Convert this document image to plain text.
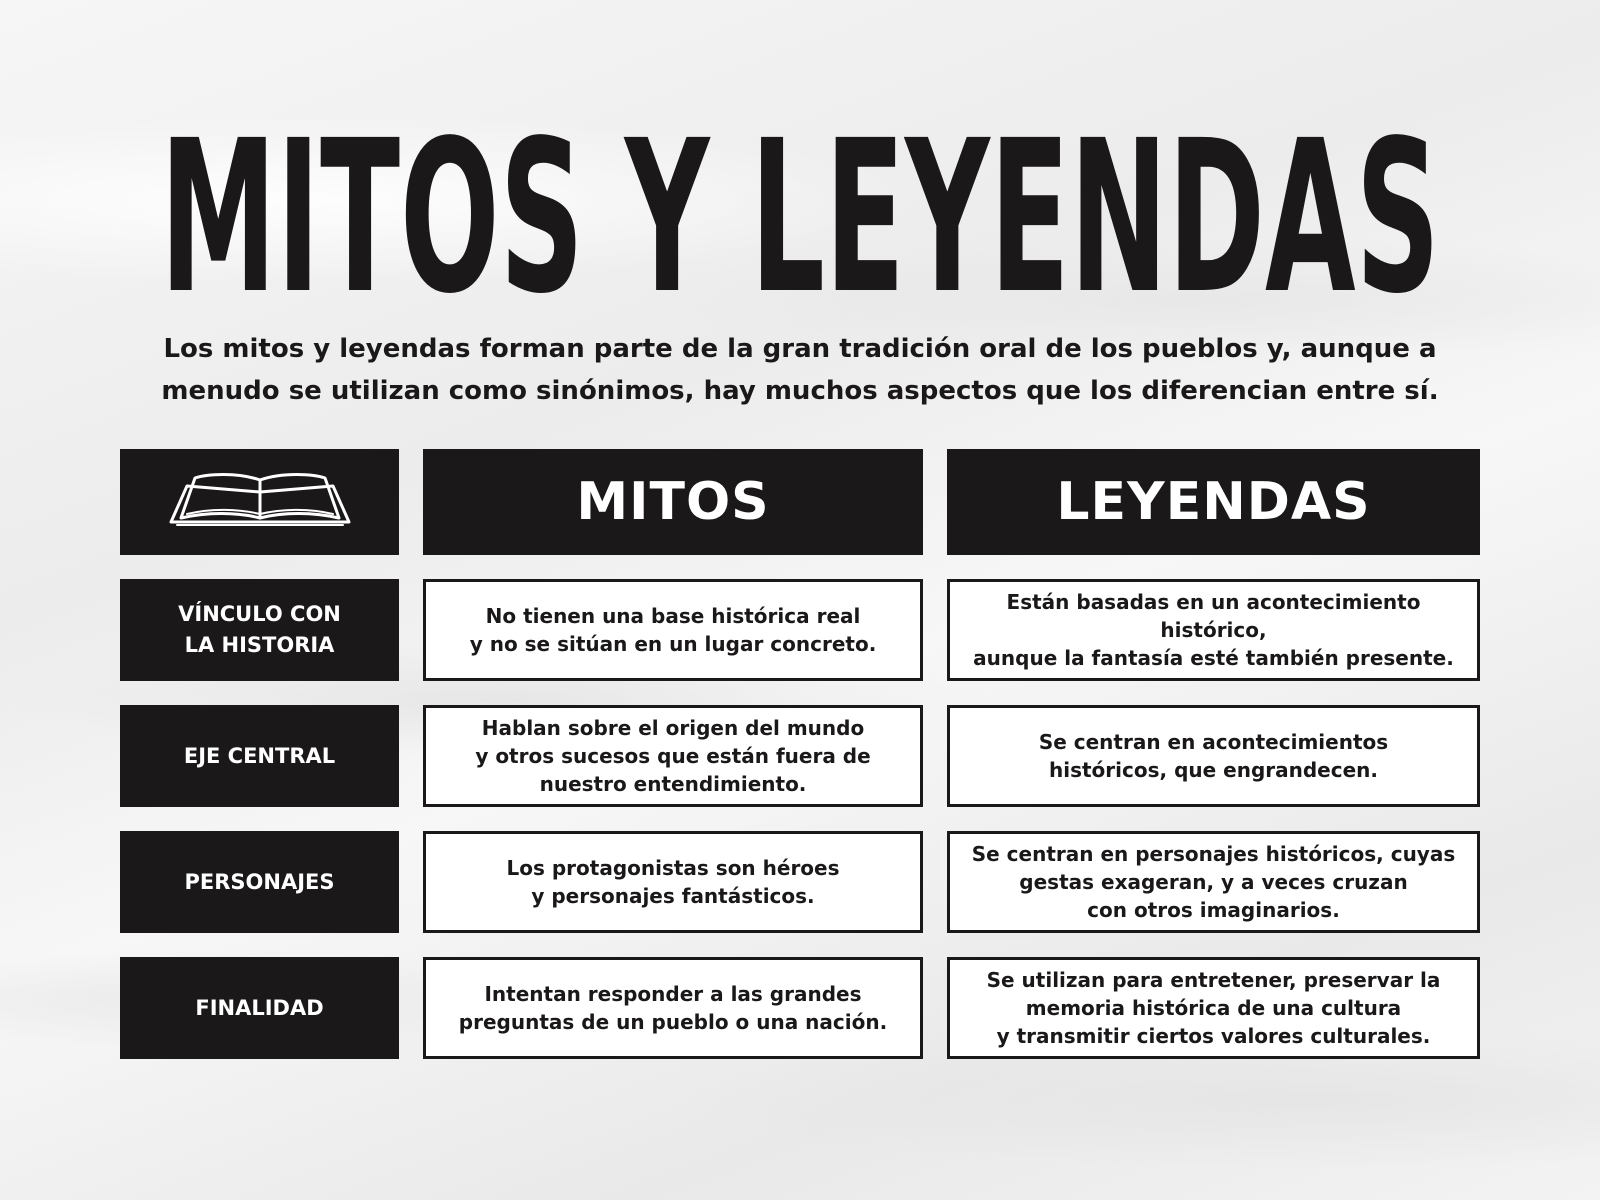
MITOS Y LEYENDAS
Los mitos y leyendas forman parte de la gran tradición oral de los pueblos y, aunque a
menudo se utilizan como sinónimos, hay muchos aspectos que los diferencian entre sí.
MITOS	LEYENDAS
VÍNCULO CON
LA HISTORIA
No tienen una base histórica real
y no se sitúan en un lugar concreto.
Están basadas en un acontecimiento histórico,
aunque la fantasía esté también presente.
EJE CENTRAL
Hablan sobre el origen del mundo
y otros sucesos que están fuera de
nuestro entendimiento.
Se centran en acontecimientos
históricos, que engrandecen.
PERSONAJES
Los protagonistas son héroes
y personajes fantásticos.
Se centran en personajes históricos, cuyas
gestas exageran, y a veces cruzan
con otros imaginarios.
FINALIDAD
Intentan responder a las grandes
preguntas de un pueblo o una nación.
Se utilizan para entretener, preservar la
memoria histórica de una cultura
y transmitir ciertos valores culturales.
